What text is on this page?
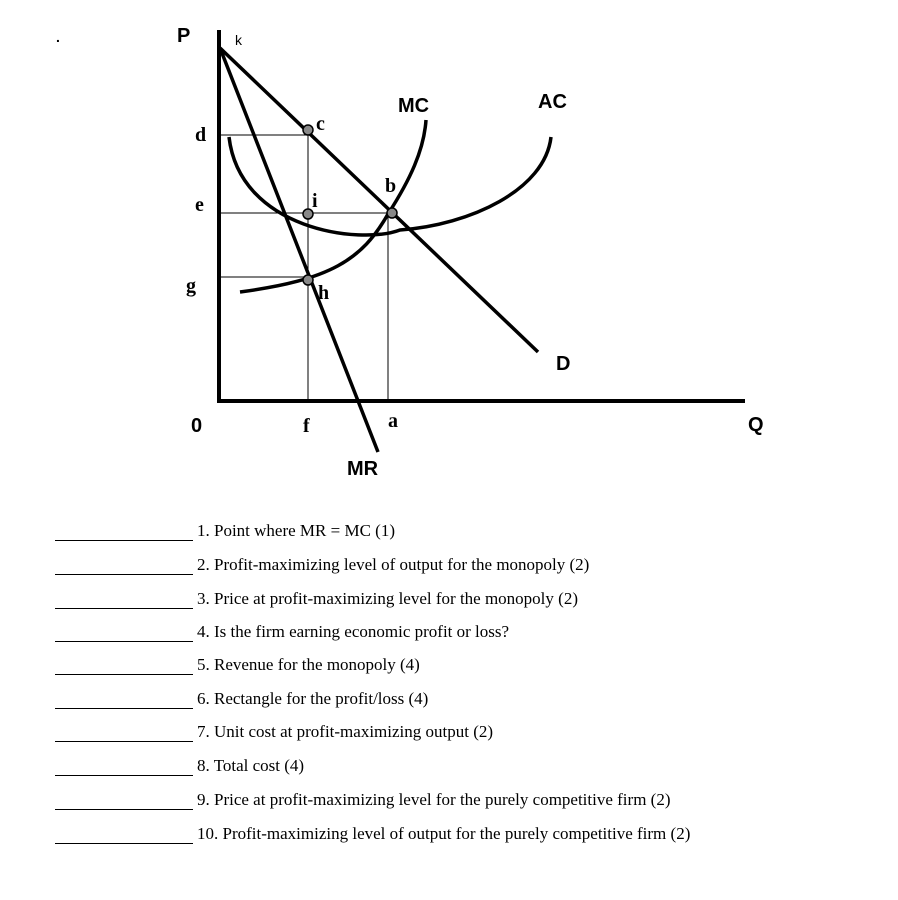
.	P	k
d
e
g
0	f	a	Q
c
b
i
h
MC	AC
D
MR
1. Point where MR = MC (1)
2. Profit-maximizing level of output for the monopoly (2)
3. Price at profit-maximizing level for the monopoly (2)
4. Is the firm earning economic profit or loss?
5. Revenue for the monopoly (4)
6. Rectangle for the profit/loss (4)
7. Unit cost at profit-maximizing output (2)
8. Total cost (4)
9. Price at profit-maximizing level for the purely competitive firm (2)
10. Profit-maximizing level of output for the purely competitive firm (2)
